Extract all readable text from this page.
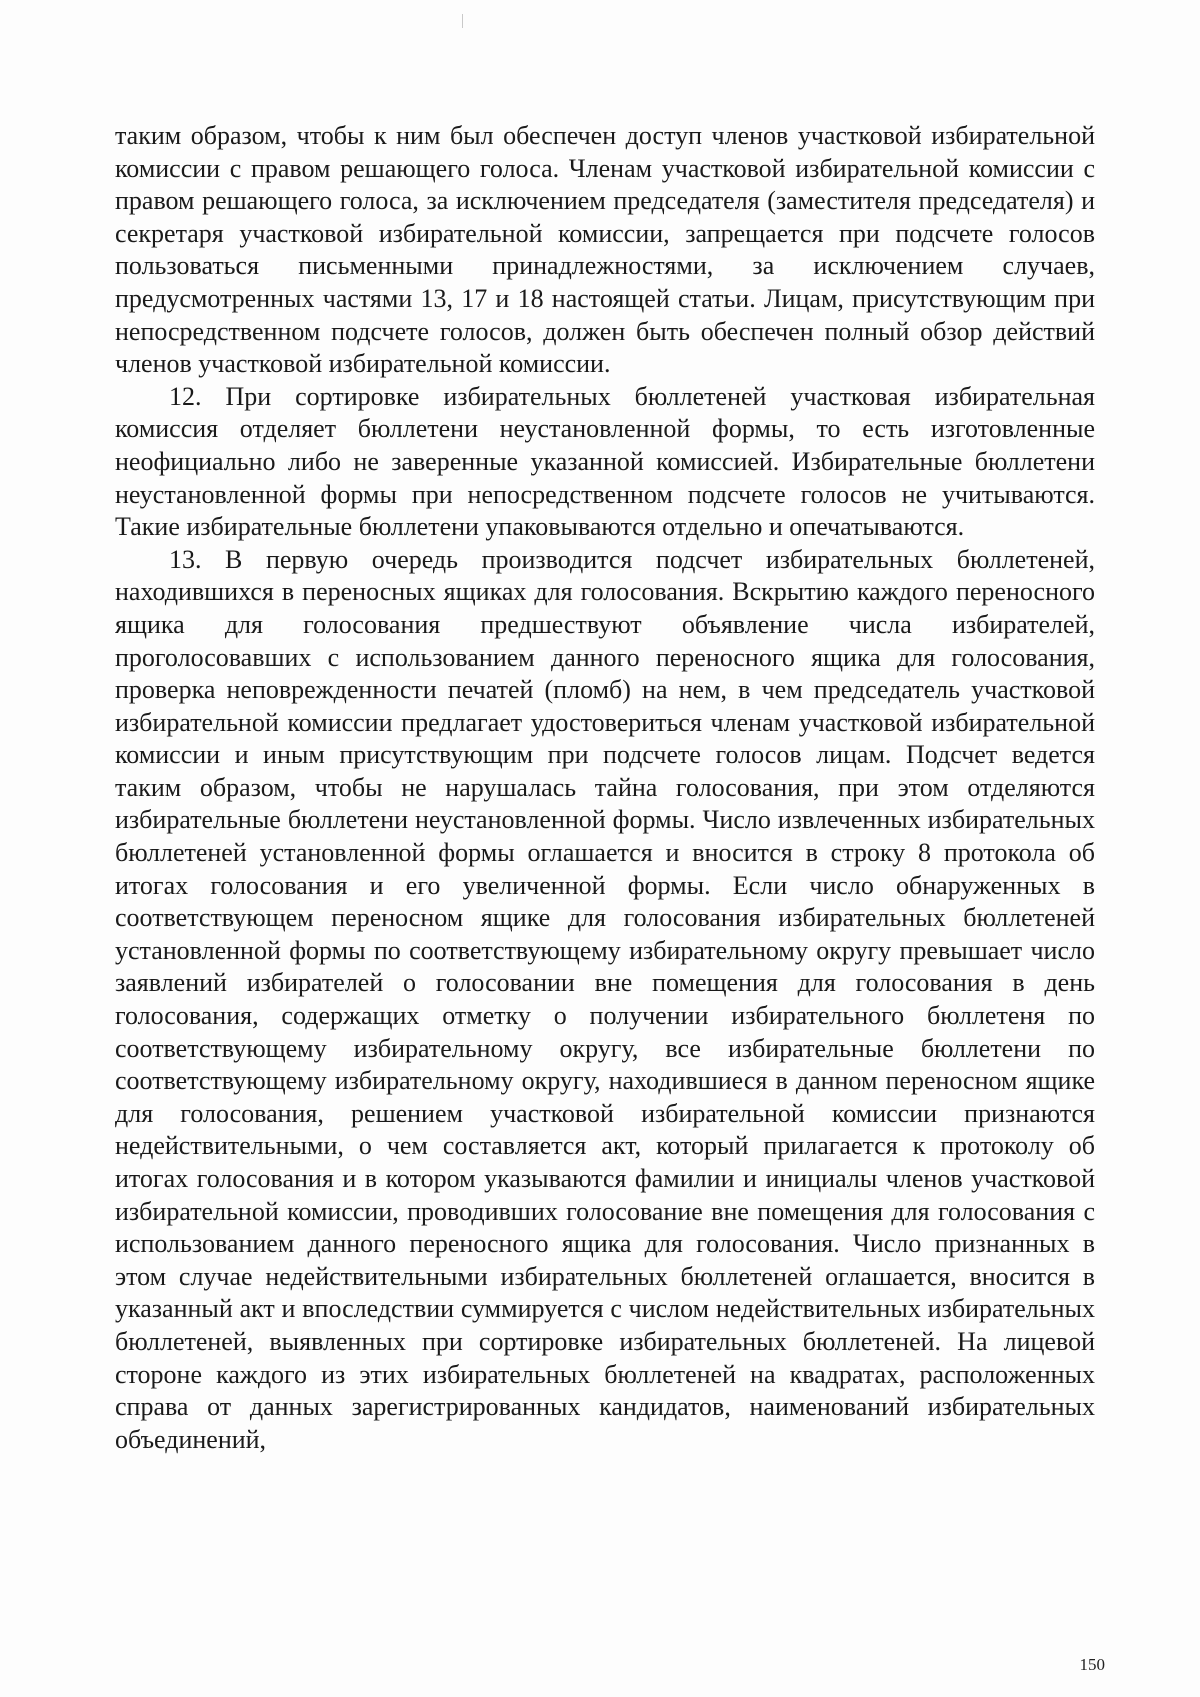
таким образом, чтобы к ним был обеспечен доступ членов участковой избирательной комиссии с правом решающего голоса. Членам участковой избирательной комиссии с правом решающего голоса, за исключением председателя (заместителя председателя) и секретаря участковой избирательной комиссии, запрещается при подсчете голосов пользоваться письменными принадлежностями, за исключением случаев, предусмотренных частями 13, 17 и 18 настоящей статьи. Лицам, присутствующим при непосредственном подсчете голосов, должен быть обеспечен полный обзор действий членов участковой избирательной комиссии.

12. При сортировке избирательных бюллетеней участковая избирательная комиссия отделяет бюллетени неустановленной формы, то есть изготовленные неофициально либо не заверенные указанной комиссией. Избирательные бюллетени неустановленной формы при непосредственном подсчете голосов не учитываются. Такие избирательные бюллетени упаковываются отдельно и опечатываются.

13. В первую очередь производится подсчет избирательных бюллетеней, находившихся в переносных ящиках для голосования. Вскрытию каждого переносного ящика для голосования предшествуют объявление числа избирателей, проголосовавших с использованием данного переносного ящика для голосования, проверка неповрежденности печатей (пломб) на нем, в чем председатель участковой избирательной комиссии предлагает удостовериться членам участковой избирательной комиссии и иным присутствующим при подсчете голосов лицам. Подсчет ведется таким образом, чтобы не нарушалась тайна голосования, при этом отделяются избирательные бюллетени неустановленной формы. Число извлеченных избирательных бюллетеней установленной формы оглашается и вносится в строку 8 протокола об итогах голосования и его увеличенной формы. Если число обнаруженных в соответствующем переносном ящике для голосования избирательных бюллетеней установленной формы по соответствующему избирательному округу превышает число заявлений избирателей о голосовании вне помещения для голосования в день голосования, содержащих отметку о получении избирательного бюллетеня по соответствующему избирательному округу, все избирательные бюллетени по соответствующему избирательному округу, находившиеся в данном переносном ящике для голосования, решением участковой избирательной комиссии признаются недействительными, о чем составляется акт, который прилагается к протоколу об итогах голосования и в котором указываются фамилии и инициалы членов участковой избирательной комиссии, проводивших голосование вне помещения для голосования с использованием данного переносного ящика для голосования. Число признанных в этом случае недействительными избирательных бюллетеней оглашается, вносится в указанный акт и впоследствии суммируется с числом недействительных избирательных бюллетеней, выявленных при сортировке избирательных бюллетеней. На лицевой стороне каждого из этих избирательных бюллетеней на квадратах, расположенных справа от данных зарегистрированных кандидатов, наименований избирательных объединений,

150
